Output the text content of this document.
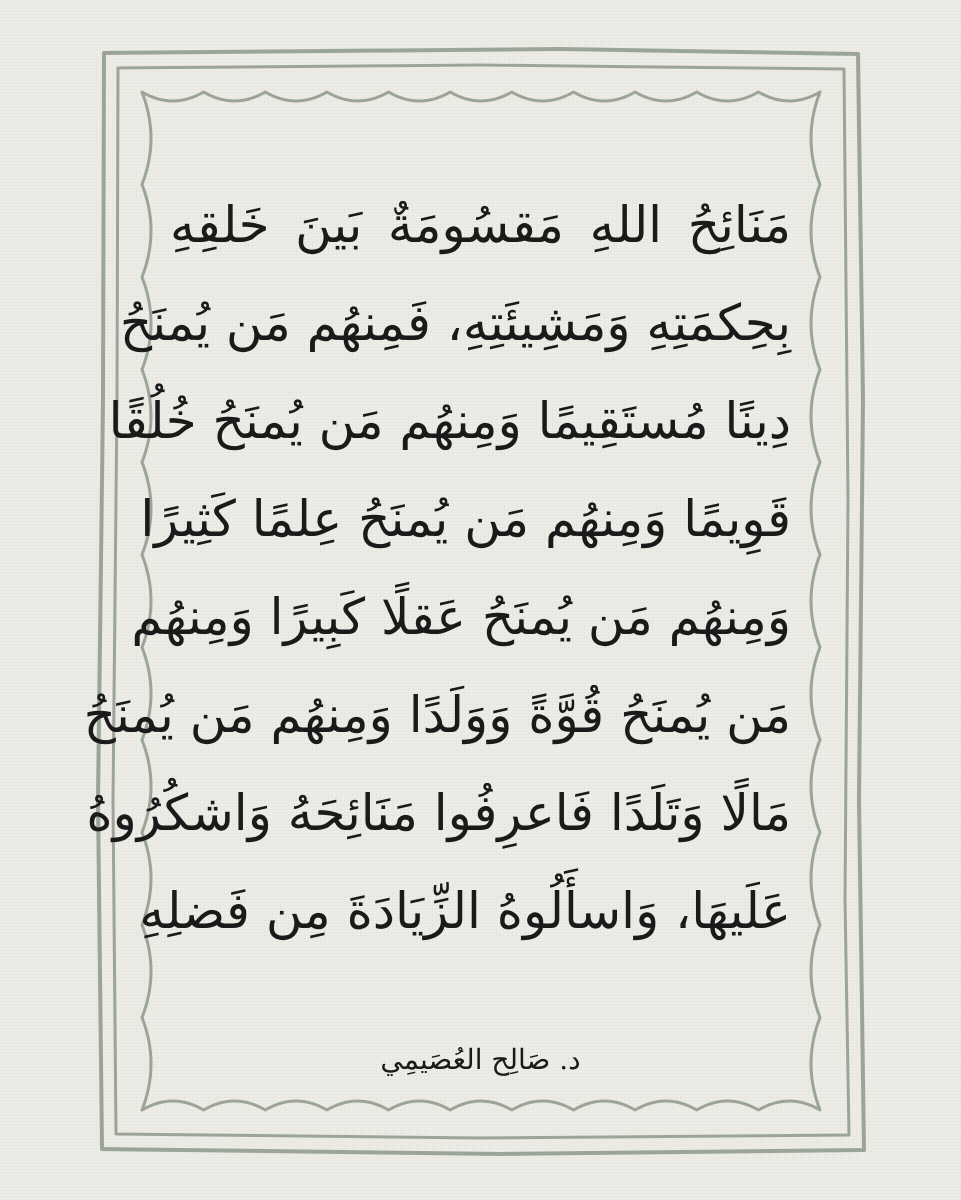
مَنَائِحُ اللهِ مَقسُومَةٌ بَينَ خَلقِهِ
بِحِكمَتِهِ وَمَشِيئَتِهِ، فَمِنهُم مَن يُمنَحُ
دِينًا مُستَقِيمًا وَمِنهُم مَن يُمنَحُ خُلُقًا
قَوِيمًا وَمِنهُم مَن يُمنَحُ عِلمًا كَثِيرًا
وَمِنهُم مَن يُمنَحُ عَقلًا كَبِيرًا وَمِنهُم
مَن يُمنَحُ قُوَّةً وَوَلَدًا وَمِنهُم مَن يُمنَحُ
مَالًا وَتَلَدًا فَاعرِفُوا مَنَائِحَهُ وَاشكُرُوهُ
عَلَيهَا، وَاسأَلُوهُ الزِّيَادَةَ مِن فَضلِهِ
د. صَالِح العُصَيمِي
